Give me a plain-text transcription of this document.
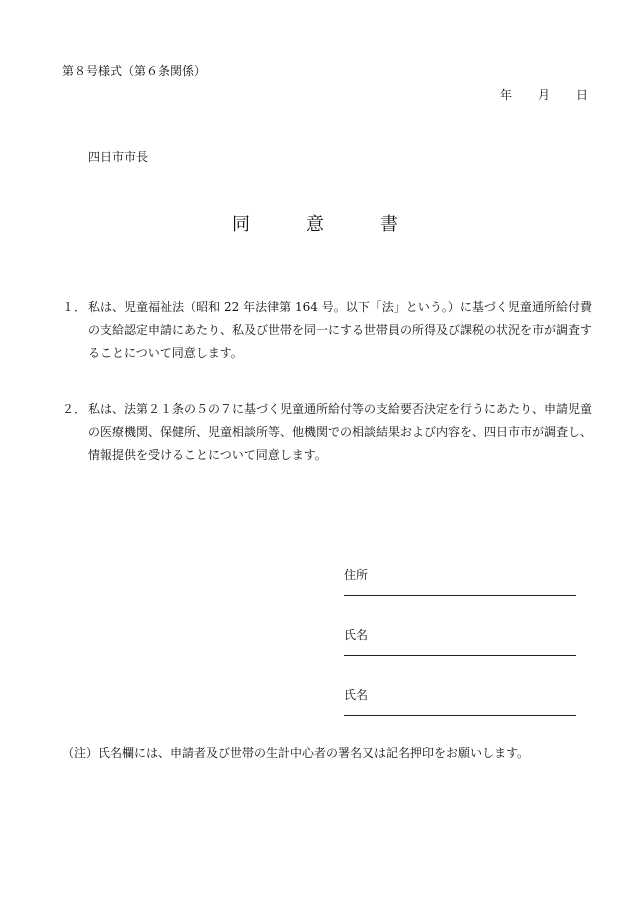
第８号様式（第６条関係）
年 月 日
四日市市長
同	意	書
１． 私は、児童福祉法（昭和 22 年法律第 164 号。以下「法」という。）に基づく児童通所給付費の支給認定申請にあたり、私及び世帯を同一にする世帯員の所得及び課税の状況を市が調査することについて同意します。
２． 私は、法第２１条の５の７に基づく児童通所給付等の支給要否決定を行うにあたり、申請児童の医療機関、保健所、児童相談所等、他機関での相談結果および内容を、四日市市が調査し、情報提供を受けることについて同意します。
住所
氏名
氏名
（注）氏名欄には、申請者及び世帯の生計中心者の署名又は記名押印をお願いします。
